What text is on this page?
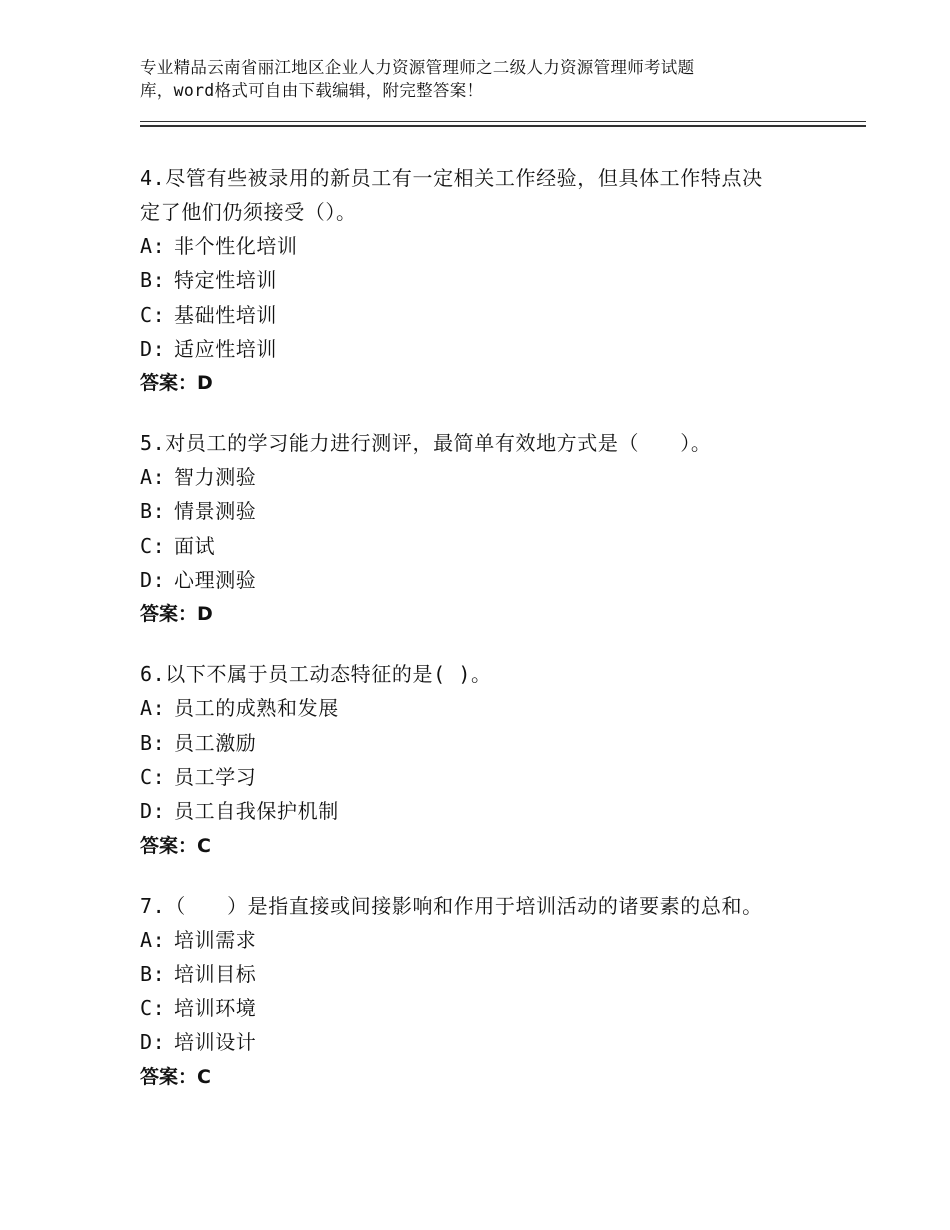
专业精品云南省丽江地区企业人力资源管理师之二级人力资源管理师考试题
库，word格式可自由下载编辑，附完整答案！
4.尽管有些被录用的新员工有一定相关工作经验，但具体工作特点决
定了他们仍须接受（）。
A: 非个性化培训
B: 特定性培训
C: 基础性培训
D: 适应性培训
答案：D
5.对员工的学习能力进行测评，最简单有效地方式是（　　）。
A: 智力测验
B: 情景测验
C: 面试
D: 心理测验
答案：D
6.以下不属于员工动态特征的是( )。
A: 员工的成熟和发展
B: 员工激励
C: 员工学习
D: 员工自我保护机制
答案：C
7.（　　）是指直接或间接影响和作用于培训活动的诸要素的总和。
A: 培训需求
B: 培训目标
C: 培训环境
D: 培训设计
答案：C
